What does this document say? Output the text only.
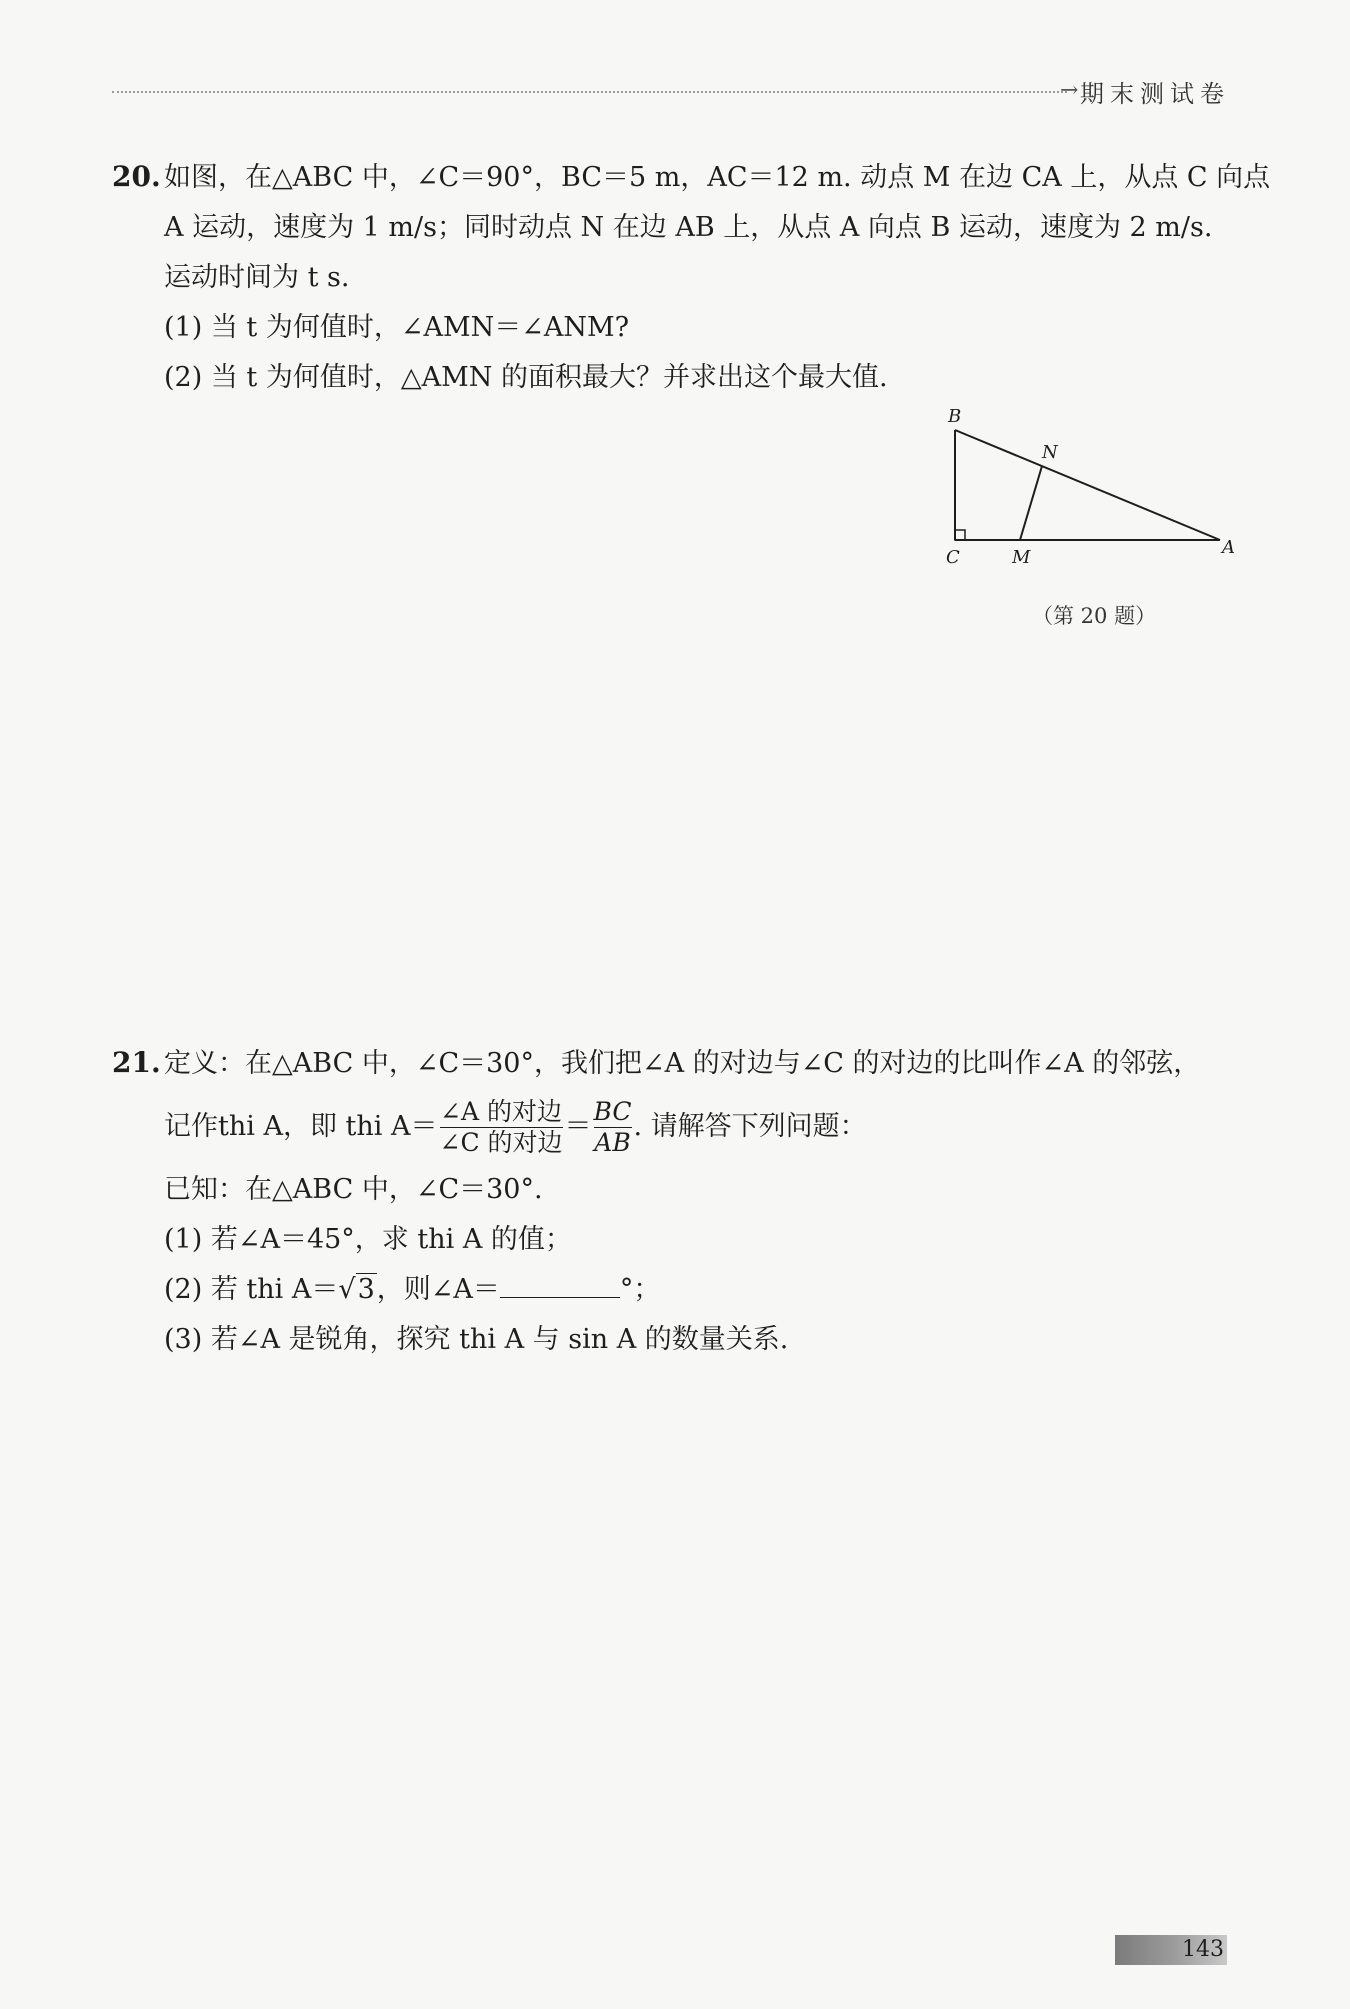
→ 期末测试卷
20. 如图，在△ABC 中，∠C＝90°，BC＝5 m，AC＝12 m. 动点 M 在边 CA 上，从点 C 向点
A 运动，速度为 1 m/s；同时动点 N 在边 AB 上，从点 A 向点 B 运动，速度为 2 m/s.
运动时间为 t s.
(1) 当 t 为何值时，∠AMN＝∠ANM?
(2) 当 t 为何值时，△AMN 的面积最大？并求出这个最大值.
B
N
C	M	A
（第 20 题）
21. 定义：在△ABC 中，∠C＝30°，我们把∠A 的对边与∠C 的对边的比叫作∠A 的邻弦，
记作thi A，即 thi $A= \frac{\text{∠A 的对边}}{\text{∠C 的对边}} = \frac{BC}{AB}$ . 请解答下列问题：
已知：在△ABC 中，∠C＝30°.
(1) 若∠A＝45°，求 thi A 的值；
(2) 若 thi A＝√3，则∠A＝	°；
(3) 若∠A 是锐角，探究 thi A 与 sin A 的数量关系.
143
